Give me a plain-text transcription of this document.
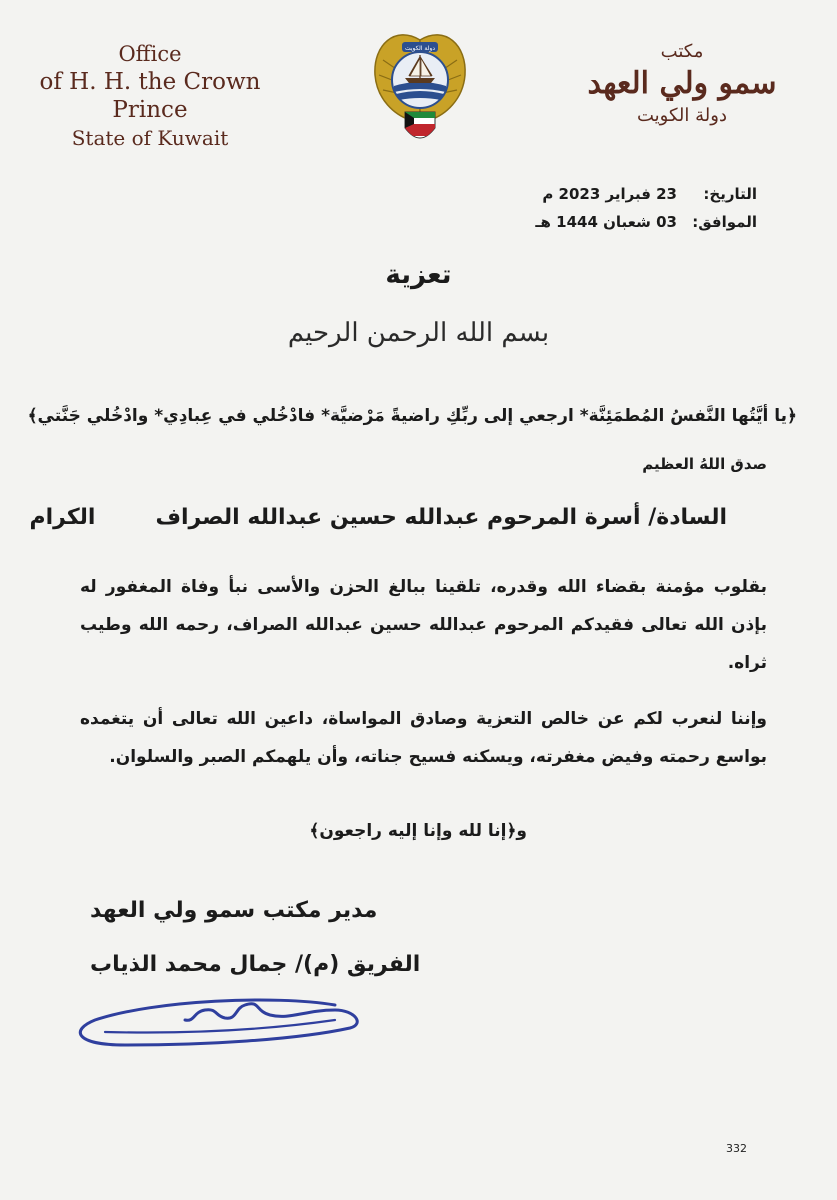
Office
of H. H. the Crown Prince
State of Kuwait
دولة الكويت	مكتب
سمو ولي العهد
دولة الكويت
التاريخ:
23 فبراير 2023 م
الموافق:
03 شعبان 1444 هـ
تعزية
بسم الله الرحمن الرحيم
﴿يا أيَّتُها النَّفسُ المُطمَئِنَّة* ارجعي إلى ربِّكِ راضيةً مَرْضيَّة* فادْخُلي في عِبادِي* وادْخُلي جَنَّتي﴾
صدق اللهُ العظيم
السادة/ أسرة المرحوم عبدالله حسين عبدالله الصراف
الكرام
بقلوب مؤمنة بقضاء الله وقدره، تلقينا ببالغ الحزن والأسى نبأ وفاة المغفور له بإذن الله تعالى فقيدكم المرحوم عبدالله حسين عبدالله الصراف، رحمه الله وطيب ثراه.
وإننا لنعرب لكم عن خالص التعزية وصادق المواساة، داعين الله تعالى أن يتغمده بواسع رحمته وفيض مغفرته، ويسكنه فسيح جناته، وأن يلهمكم الصبر والسلوان.
و﴿إنا لله وإنا إليه راجعون﴾
مدير مكتب سمو ولي العهد
الفريق (م)/ جمال محمد الذياب
332
